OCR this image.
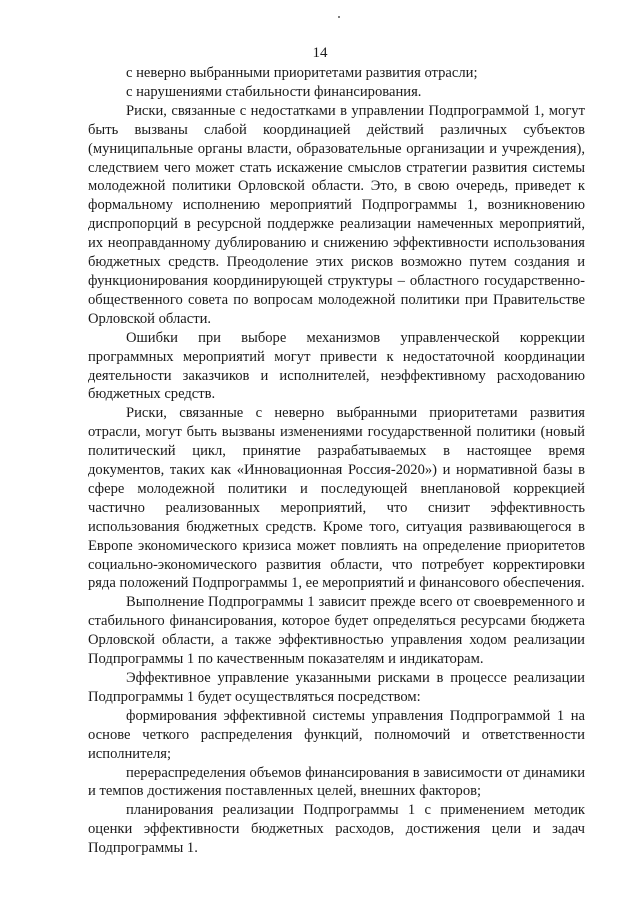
14

с неверно выбранными приоритетами развития отрасли;

с нарушениями стабильности финансирования.

Риски, связанные с недостатками в управлении Подпрограммой 1, могут быть вызваны слабой координацией действий различных субъектов (муниципальные органы власти, образовательные организации и учреждения), следствием чего может стать искажение смыслов стратегии развития системы молодежной политики Орловской области. Это, в свою очередь, приведет к формальному исполнению мероприятий Подпрограммы 1, возникновению диспропорций в ресурсной поддержке реализации намеченных мероприятий, их неоправданному дублированию и снижению эффективности использования бюджетных средств. Преодоление этих рисков возможно путем создания и функционирования координирующей структуры – областного государственно-общественного совета по вопросам молодежной политики при Правительстве Орловской области.

Ошибки при выборе механизмов управленческой коррекции программных мероприятий могут привести к недостаточной координации деятельности заказчиков и исполнителей, неэффективному расходованию бюджетных средств.

Риски, связанные с неверно выбранными приоритетами развития отрасли, могут быть вызваны изменениями государственной политики (новый политический цикл, принятие разрабатываемых в настоящее время документов, таких как «Инновационная Россия-2020») и нормативной базы в сфере молодежной политики и последующей внеплановой коррекцией частично реализованных мероприятий, что снизит эффективность использования бюджетных средств. Кроме того, ситуация развивающегося в Европе экономического кризиса может повлиять на определение приоритетов социально-экономического развития области, что потребует корректировки ряда положений Подпрограммы 1, ее мероприятий и финансового обеспечения.

Выполнение Подпрограммы 1 зависит прежде всего от своевременного и стабильного финансирования, которое будет определяться ресурсами бюджета Орловской области, а также эффективностью управления ходом реализации Подпрограммы 1 по качественным показателям и индикаторам.

Эффективное управление указанными рисками в процессе реализации Подпрограммы 1 будет осуществляться посредством:

формирования эффективной системы управления Подпрограммой 1 на основе четкого распределения функций, полномочий и ответственности исполнителя;

перераспределения объемов финансирования в зависимости от динамики и темпов достижения поставленных целей, внешних факторов;

планирования реализации Подпрограммы 1 с применением методик оценки эффективности бюджетных расходов, достижения цели и задач Подпрограммы 1.
